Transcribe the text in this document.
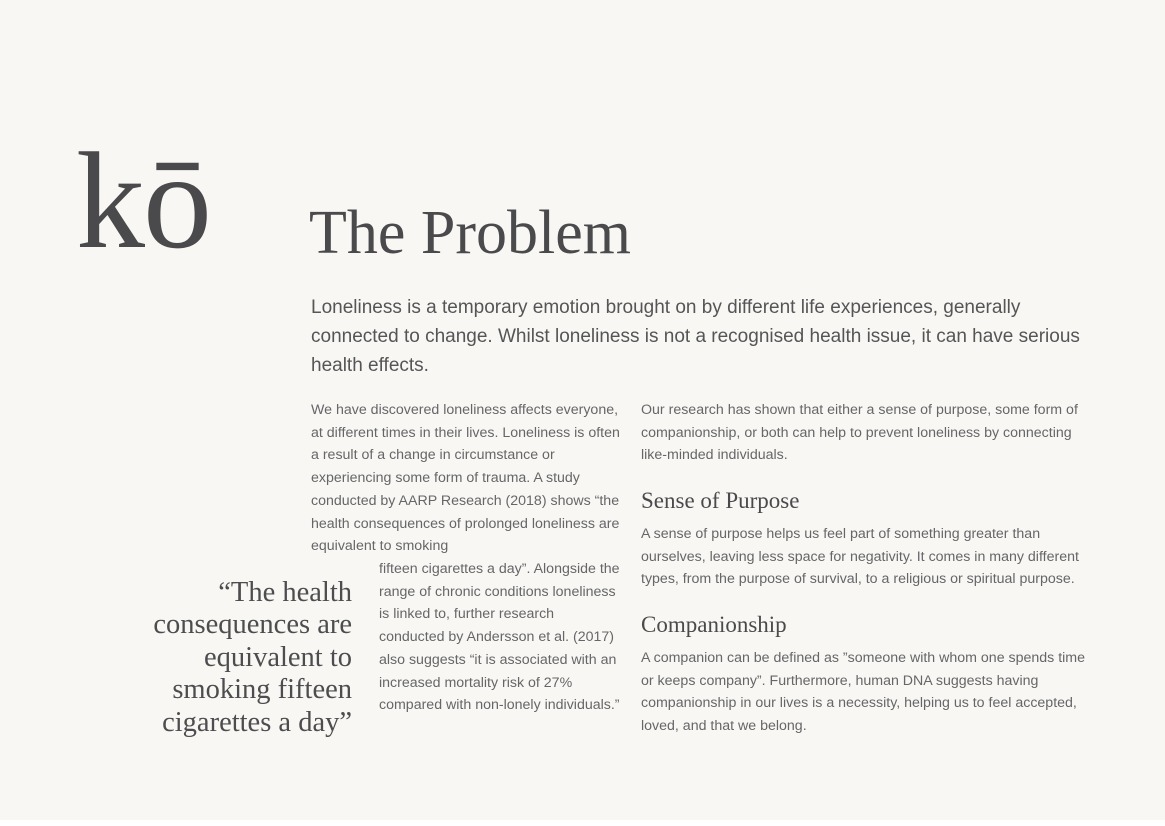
kō The Problem

Loneliness is a temporary emotion brought on by different life experiences, generally connected to change. Whilst loneliness is not a recognised health issue, it can have serious health effects.

We have discovered loneliness affects everyone, at different times in their lives. Loneliness is often a result of a change in circumstance or experiencing some form of trauma. A study conducted by AARP Research (2018) shows “the health consequences of prolonged loneliness are equivalent to smoking

fifteen cigarettes a day”. Alongside the range of chronic conditions loneliness is linked to, further research conducted by Andersson et al. (2017) also suggests “it is associated with an increased mortality risk of 27% compared with non-lonely individuals.”

“The health consequences are equivalent to smoking fifteen cigarettes a day”

Our research has shown that either a sense of purpose, some form of companionship, or both can help to prevent loneliness by connecting like-minded individuals.

Sense of Purpose

A sense of purpose helps us feel part of something greater than ourselves, leaving less space for negativity. It comes in many different types, from the purpose of survival, to a religious or spiritual purpose.

Companionship

A companion can be defined as ”someone with whom one spends time or keeps company”. Furthermore, human DNA suggests having companionship in our lives is a necessity, helping us to feel accepted, loved, and that we belong.
